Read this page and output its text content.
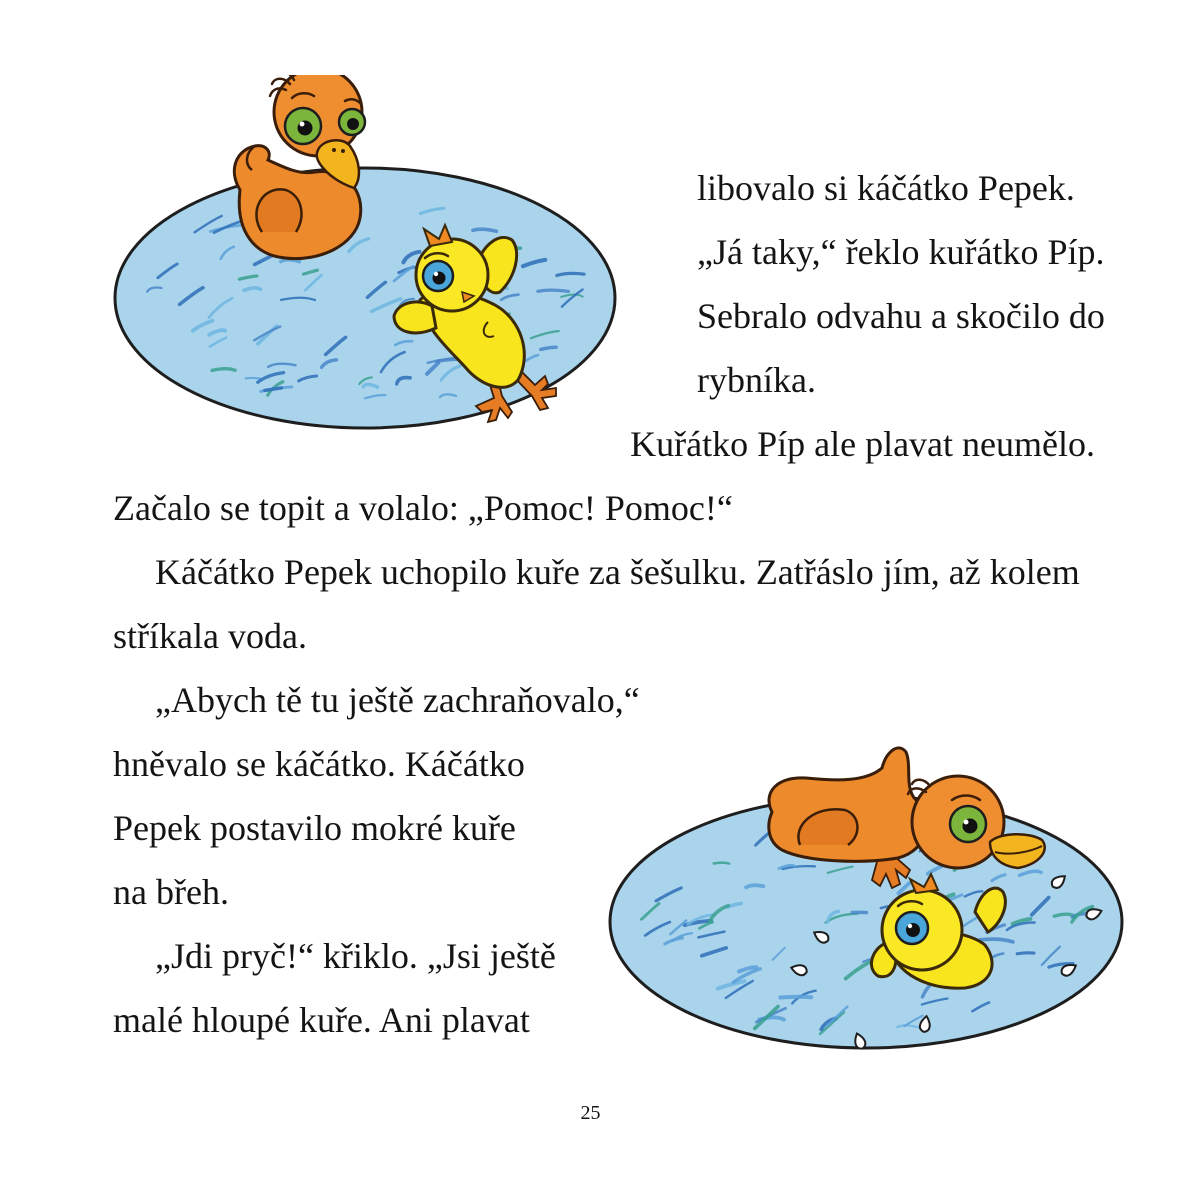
libovalo si káčátko Pepek.
„Já taky,“ řeklo kuřátko Píp.
Sebralo odvahu a skočilo do
rybníka.
Kuřátko Píp ale plavat neumělo.
Začalo se topit a volalo: „Pomoc! Pomoc!“
Káčátko Pepek uchopilo kuře za šešulku. Zatřáslo jím, až kolem
stříkala voda.
„Abych tě tu ještě zachraňovalo,“
hněvalo se káčátko. Káčátko
Pepek postavilo mokré kuře
na břeh.
„Jdi pryč!“ křiklo. „Jsi ještě
malé hloupé kuře. Ani plavat
25
